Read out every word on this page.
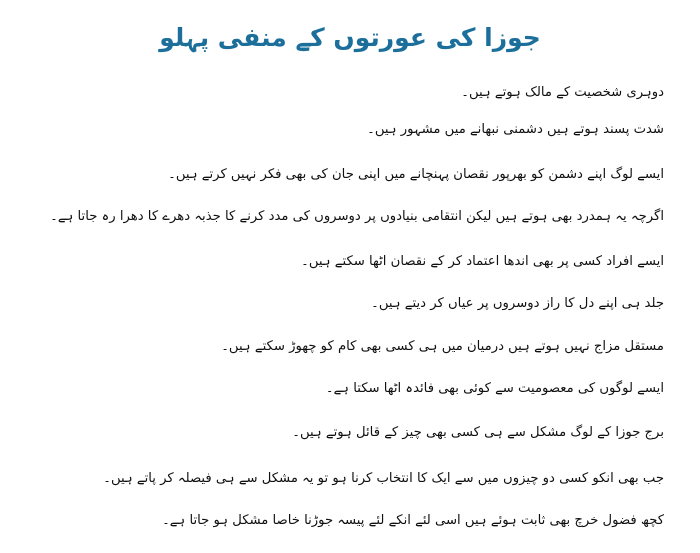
جوزا کی عورتوں کے منفی پہلو
دوہری شخصیت کے مالک ہوتے ہیں۔
شدت پسند ہوتے ہیں دشمنی نبھانے میں مشہور ہیں۔
ایسے لوگ اپنے دشمن کو بھرپور نقصان پہنچانے میں اپنی جان کی بھی فکر نہیں کرتے ہیں۔
اگرچہ یہ ہمدرد بھی ہوتے ہیں لیکن انتقامی بنیادوں پر دوسروں کی مدد کرنے کا جذبہ دھرے کا دھرا رہ جاتا ہے۔
ایسے افراد کسی پر بھی اندھا اعتماد کر کے نقصان اٹھا سکتے ہیں۔
جلد ہی اپنے دل کا راز دوسروں پر عیاں کر دیتے ہیں۔
مستقل مزاج نہیں ہوتے ہیں درمیان میں ہی کسی بھی کام کو چھوڑ سکتے ہیں۔
ایسے لوگوں کی معصومیت سے کوئی بھی فائدہ اٹھا سکتا ہے۔
برج جوزا کے لوگ مشکل سے ہی کسی بھی چیز کے قائل ہوتے ہیں۔
جب بھی انکو کسی دو چیزوں میں سے ایک کا انتخاب کرنا ہو تو یہ مشکل سے ہی فیصلہ کر پاتے ہیں۔
کچھ فضول خرچ بھی ثابت ہوئے ہیں اسی لئے انکے لئے پیسہ جوڑنا خاصا مشکل ہو جاتا ہے۔
